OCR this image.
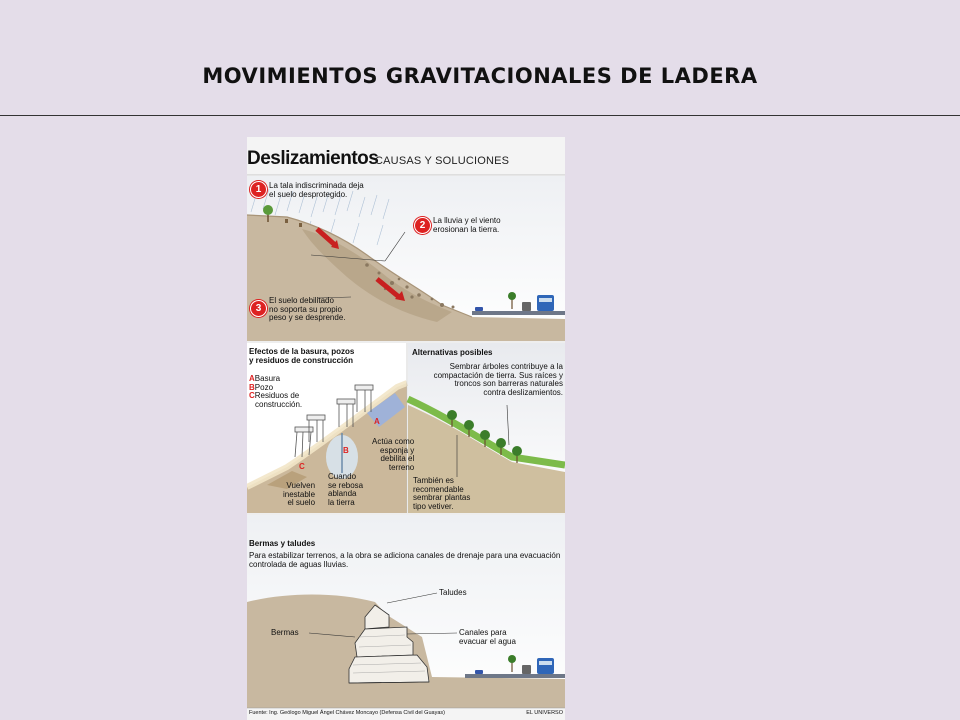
MOVIMIENTOS GRAVITACIONALES DE LADERA
Deslizamientos
CAUSAS Y SOLUCIONES
1 La tala indiscriminada deja
el suelo desprotegido.
2 La lluvia y el viento
erosionan la tierra.
3
El suelo debilitado
no soporta su propio
peso y se desprende.
Efectos de la basura, pozos
y residuos de construcción
ABasura
BPozo
CResiduos de
construcción.
A
B
C
Actúa como
esponja y
debilita el
terreno
Cuando
se rebosa
ablanda
la tierra
Vuelven
inestable
el suelo
Alternativas posibles
Sembrar árboles contribuye a la
compactación de tierra. Sus raíces y
troncos son barreras naturales
contra deslizamientos.
También es
recomendable
sembrar plantas
tipo vetiver.
Bermas y taludes
Para estabilizar terrenos, a la obra se adiciona canales de drenaje para una evacuación
controlada de aguas lluvias.
Taludes
Bermas	Canales para
evacuar el agua
Fuente: Ing. Geólogo Miguel Ángel Chávez Moncayo (Defensa Civil del Guayas)	EL UNIVERSO
